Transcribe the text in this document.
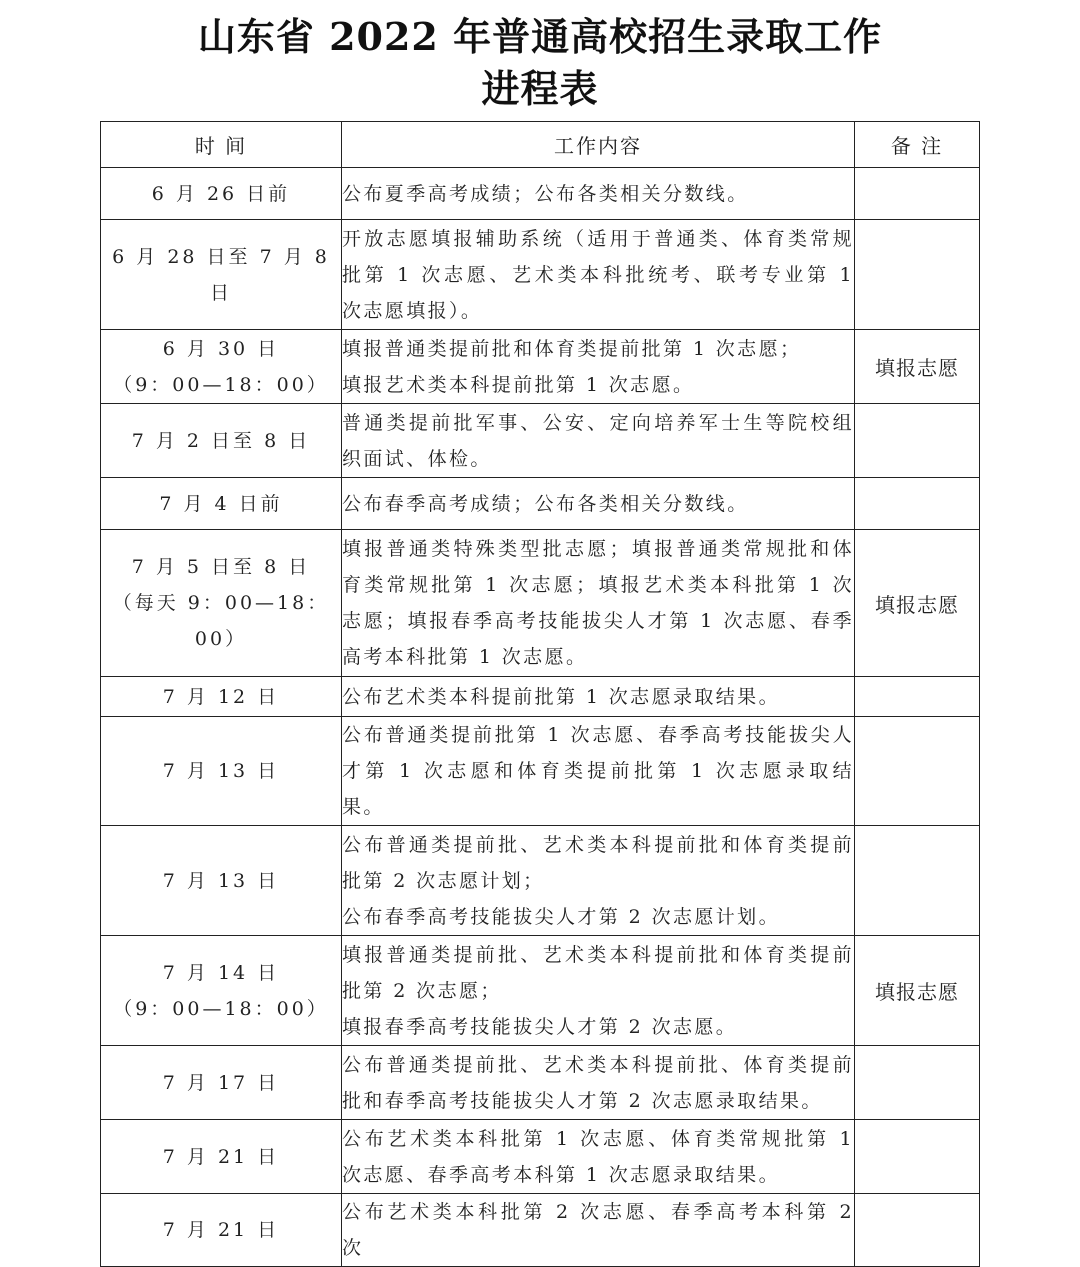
山东省 2022 年普通高校招生录取工作
进程表
时 间	工作内容	备 注

6 月 26 日前	公布夏季高考成绩；公布各类相关分数线。	

6 月 28 日至 7 月 8 日	开放志愿填报辅助系统（适用于普通类、体育类常规批第 1 次志愿、艺术类本科批统考、联考专业第 1 次志愿填报）。	

6 月 30 日
（9：00—18：00）	填报普通类提前批和体育类提前批第 1 次志愿；
填报艺术类本科提前批第 1 次志愿。	填报志愿

7 月 2 日至 8 日	普通类提前批军事、公安、定向培养军士生等院校组织面试、体检。	

7 月 4 日前	公布春季高考成绩；公布各类相关分数线。	

7 月 5 日至 8 日
（每天 9：00—18：00）	填报普通类特殊类型批志愿；填报普通类常规批和体育类常规批第 1 次志愿；填报艺术类本科批第 1 次志愿；填报春季高考技能拔尖人才第 1 次志愿、春季高考本科批第 1 次志愿。	填报志愿

7 月 12 日	公布艺术类本科提前批第 1 次志愿录取结果。	

7 月 13 日	公布普通类提前批第 1 次志愿、春季高考技能拔尖人才第 1 次志愿和体育类提前批第 1 次志愿录取结果。	

7 月 13 日	公布普通类提前批、艺术类本科提前批和体育类提前批第 2 次志愿计划；
公布春季高考技能拔尖人才第 2 次志愿计划。	

7 月 14 日
（9：00—18：00）	填报普通类提前批、艺术类本科提前批和体育类提前批第 2 次志愿；
填报春季高考技能拔尖人才第 2 次志愿。	填报志愿

7 月 17 日	公布普通类提前批、艺术类本科提前批、体育类提前批和春季高考技能拔尖人才第 2 次志愿录取结果。	

7 月 21 日	公布艺术类本科批第 1 次志愿、体育类常规批第 1 次志愿、春季高考本科第 1 次志愿录取结果。	

7 月 21 日	公布艺术类本科批第 2 次志愿、春季高考本科第 2 次	
